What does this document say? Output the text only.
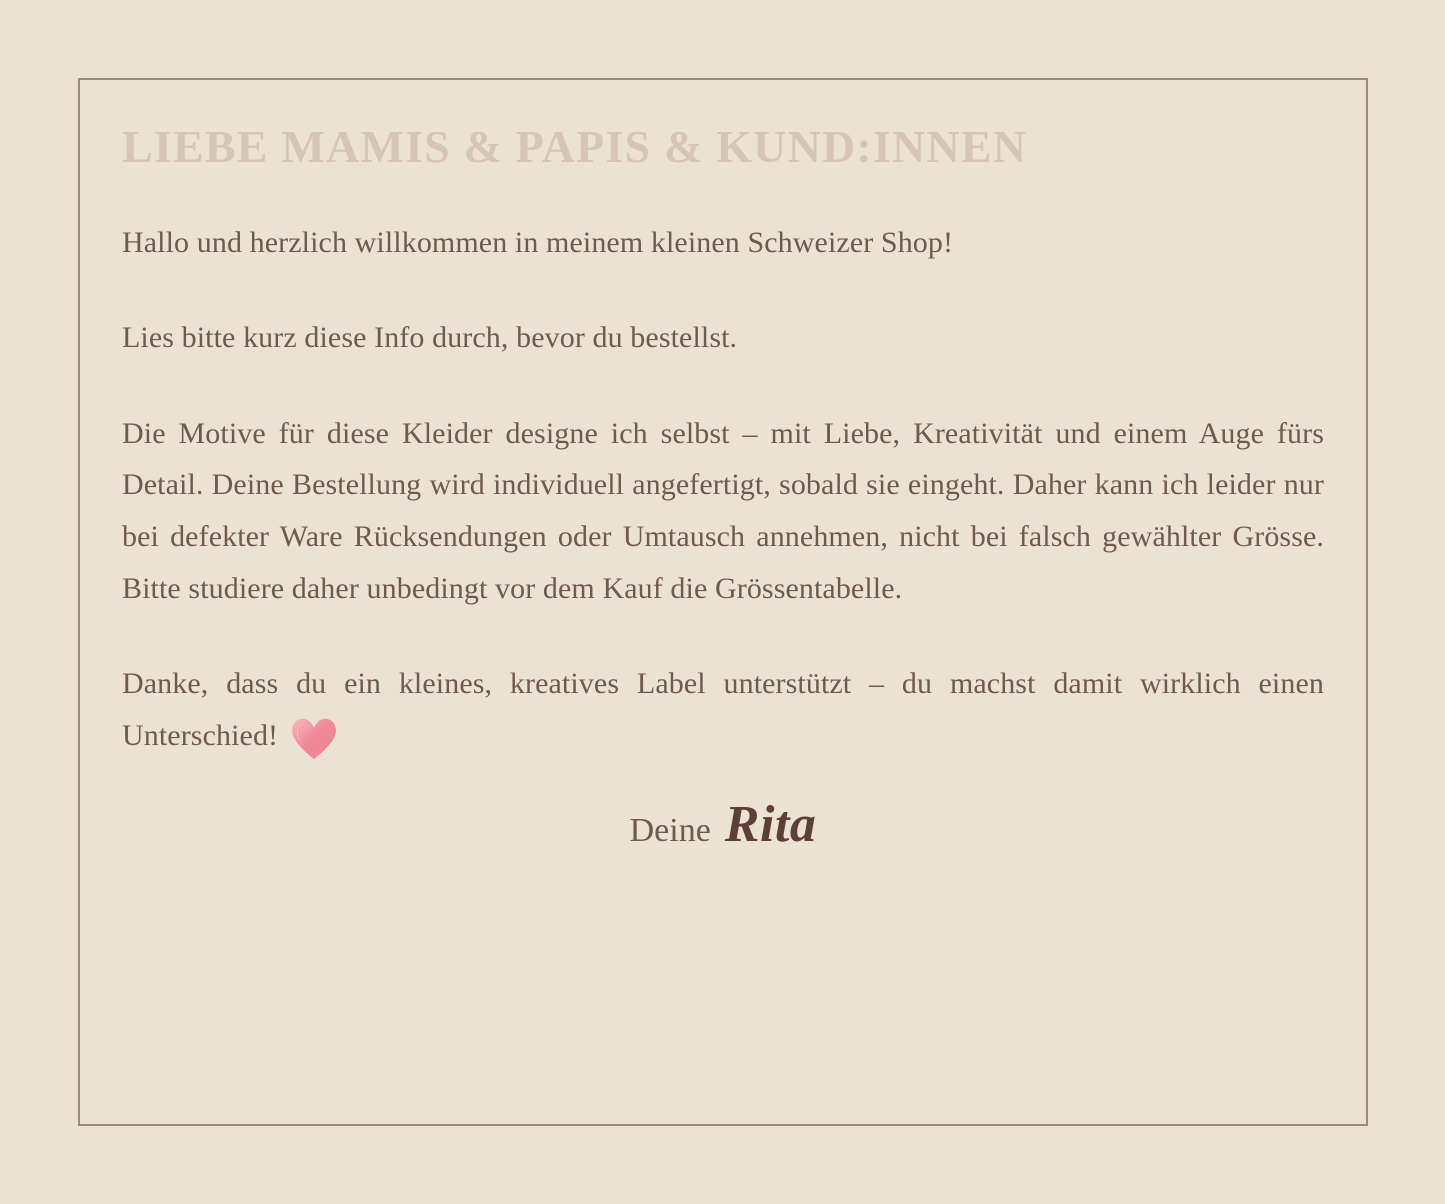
LIEBE MAMIS & PAPIS & KUND:INNEN

Hallo und herzlich willkommen in meinem kleinen Schweizer Shop!

Lies bitte kurz diese Info durch, bevor du bestellst.

Die Motive für diese Kleider designe ich selbst – mit Liebe, Kreativität und einem Auge fürs Detail. Deine Bestellung wird individuell angefertigt, sobald sie eingeht. Daher kann ich leider nur bei defekter Ware Rücksendungen oder Umtausch annehmen, nicht bei falsch gewählter Grösse. Bitte studiere daher unbedingt vor dem Kauf die Grössentabelle.

Danke, dass du ein kleines, kreatives Label unterstützt – du machst damit wirklich einen Unterschied!

Deine Rita
